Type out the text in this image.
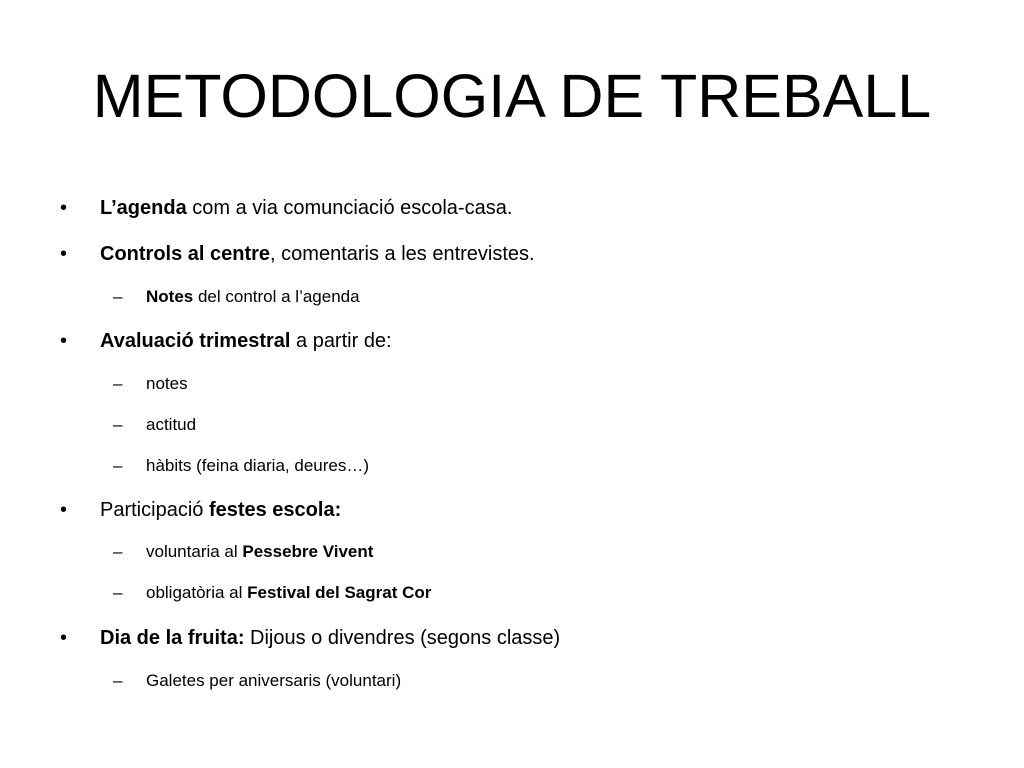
METODOLOGIA DE TREBALL
• L’agenda com a via comunciació escola-casa.
• Controls al centre, comentaris a les entrevistes.
– Notes del control a l’agenda
• Avaluació trimestral a partir de:
– notes
– actitud
– hàbits (feina diaria, deures…)
• Participació festes escola:
– voluntaria al Pessebre Vivent
– obligatòria al Festival del Sagrat Cor
• Dia de la fruita: Dijous o divendres (segons classe)
– Galetes per aniversaris (voluntari)
